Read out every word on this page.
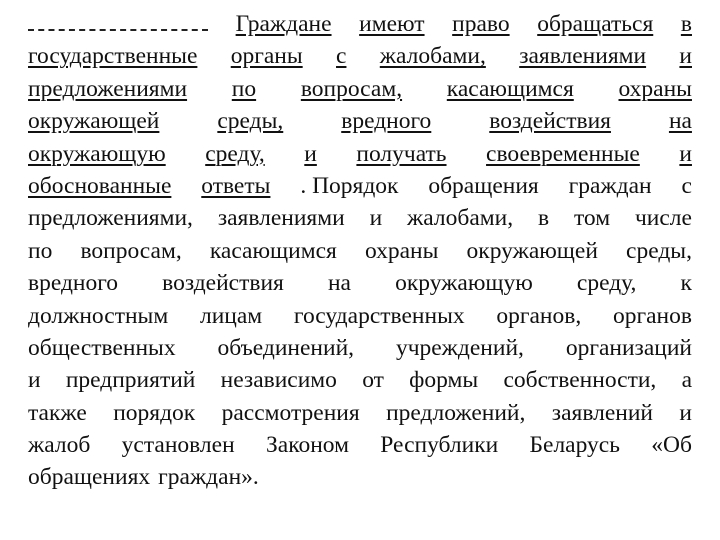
Граждане имеют право обращаться в
государственные органы с жалобами, заявлениями и
предложениями по вопросам, касающимся охраны
окружающей среды, вредного воздействия на
окружающую среду, и получать своевременные и
обоснованные ответы . Порядок обращения граждан с
предложениями, заявлениями и жалобами, в том числе
по вопросам, касающимся охраны окружающей среды,
вредного воздействия на окружающую среду, к
должностным лицам государственных органов, органов
общественных объединений, учреждений, организаций
и предприятий независимо от формы собственности, а
также порядок рассмотрения предложений, заявлений и
жалоб установлен Законом Республики Беларусь «Об
обращениях граждан».
